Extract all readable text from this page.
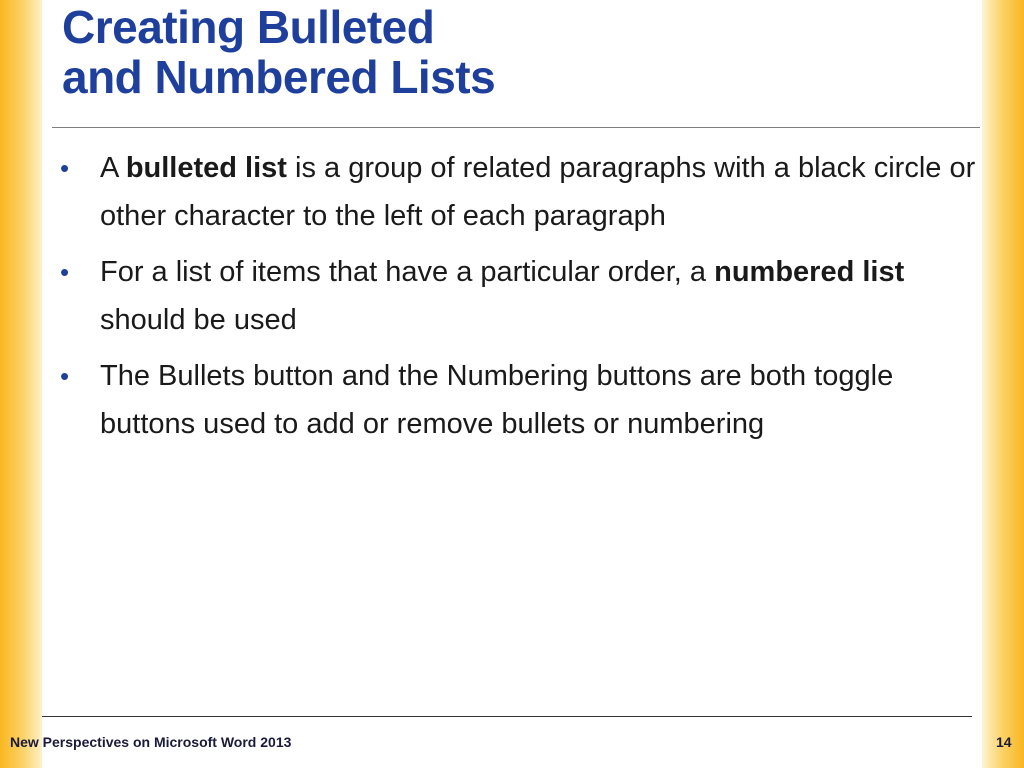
Creating Bulleted
and Numbered Lists
• A bulleted list is a group of related paragraphs with a black circle or other character to the left of each paragraph
• For a list of items that have a particular order, a numbered list should be used
• The Bullets button and the Numbering buttons are both toggle buttons used to add or remove bullets or numbering
New Perspectives on Microsoft Word 2013	14
